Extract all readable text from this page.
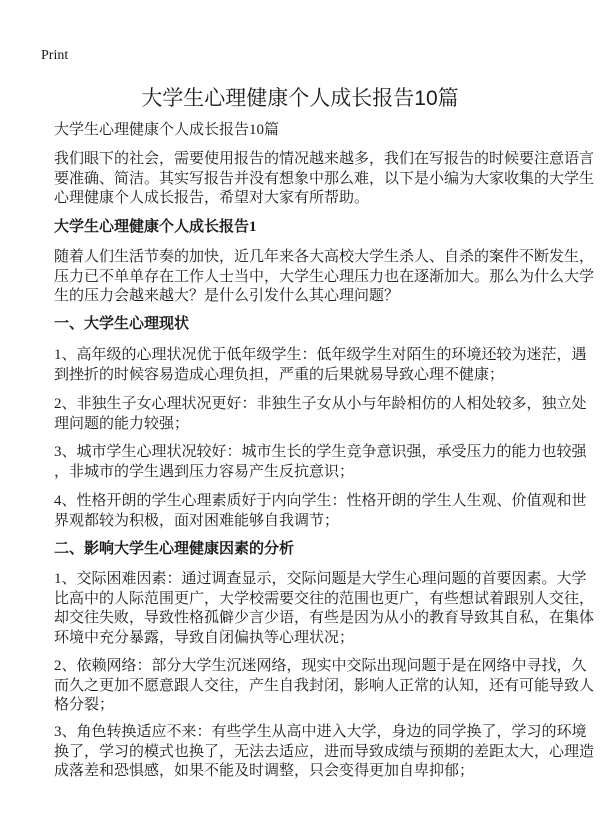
Print
大学生心理健康个人成长报告10篇
大学生心理健康个人成长报告10篇
我们眼下的社会，需要使用报告的情况越来越多，我们在写报告的时候要注意语言
要准确、简洁。其实写报告并没有想象中那么难，以下是小编为大家收集的大学生
心理健康个人成长报告，希望对大家有所帮助。
大学生心理健康个人成长报告1
随着人们生活节奏的加快，近几年来各大高校大学生杀人、自杀的案件不断发生，
压力已不单单存在工作人士当中，大学生心理压力也在逐渐加大。那么为什么大学
生的压力会越来越大？是什么引发什么其心理问题？
一、大学生心理现状
1、高年级的心理状况优于低年级学生：低年级学生对陌生的环境还较为迷茫，遇
到挫折的时候容易造成心理负担，严重的后果就易导致心理不健康；
2、非独生子女心理状况更好：非独生子女从小与年龄相仿的人相处较多，独立处
理问题的能力较强；
3、城市学生心理状况较好：城市生长的学生竞争意识强，承受压力的能力也较强
，非城市的学生遇到压力容易产生反抗意识；
4、性格开朗的学生心理素质好于内向学生：性格开朗的学生人生观、价值观和世
界观都较为积极，面对困难能够自我调节；
二、影响大学生心理健康因素的分析
1、交际困难因素：通过调查显示，交际问题是大学生心理问题的首要因素。大学
比高中的人际范围更广，大学校需要交往的范围也更广，有些想试着跟别人交往，
却交往失败，导致性格孤僻少言少语，有些是因为从小的教育导致其自私，在集体
环境中充分暴露，导致自闭偏执等心理状况；
2、依赖网络：部分大学生沉迷网络，现实中交际出现问题于是在网络中寻找，久
而久之更加不愿意跟人交往，产生自我封闭，影响人正常的认知，还有可能导致人
格分裂；
3、角色转换适应不来：有些学生从高中进入大学，身边的同学换了，学习的环境
换了，学习的模式也换了，无法去适应，进而导致成绩与预期的差距太大，心理造
成落差和恐惧感，如果不能及时调整，只会变得更加自卑抑郁；
